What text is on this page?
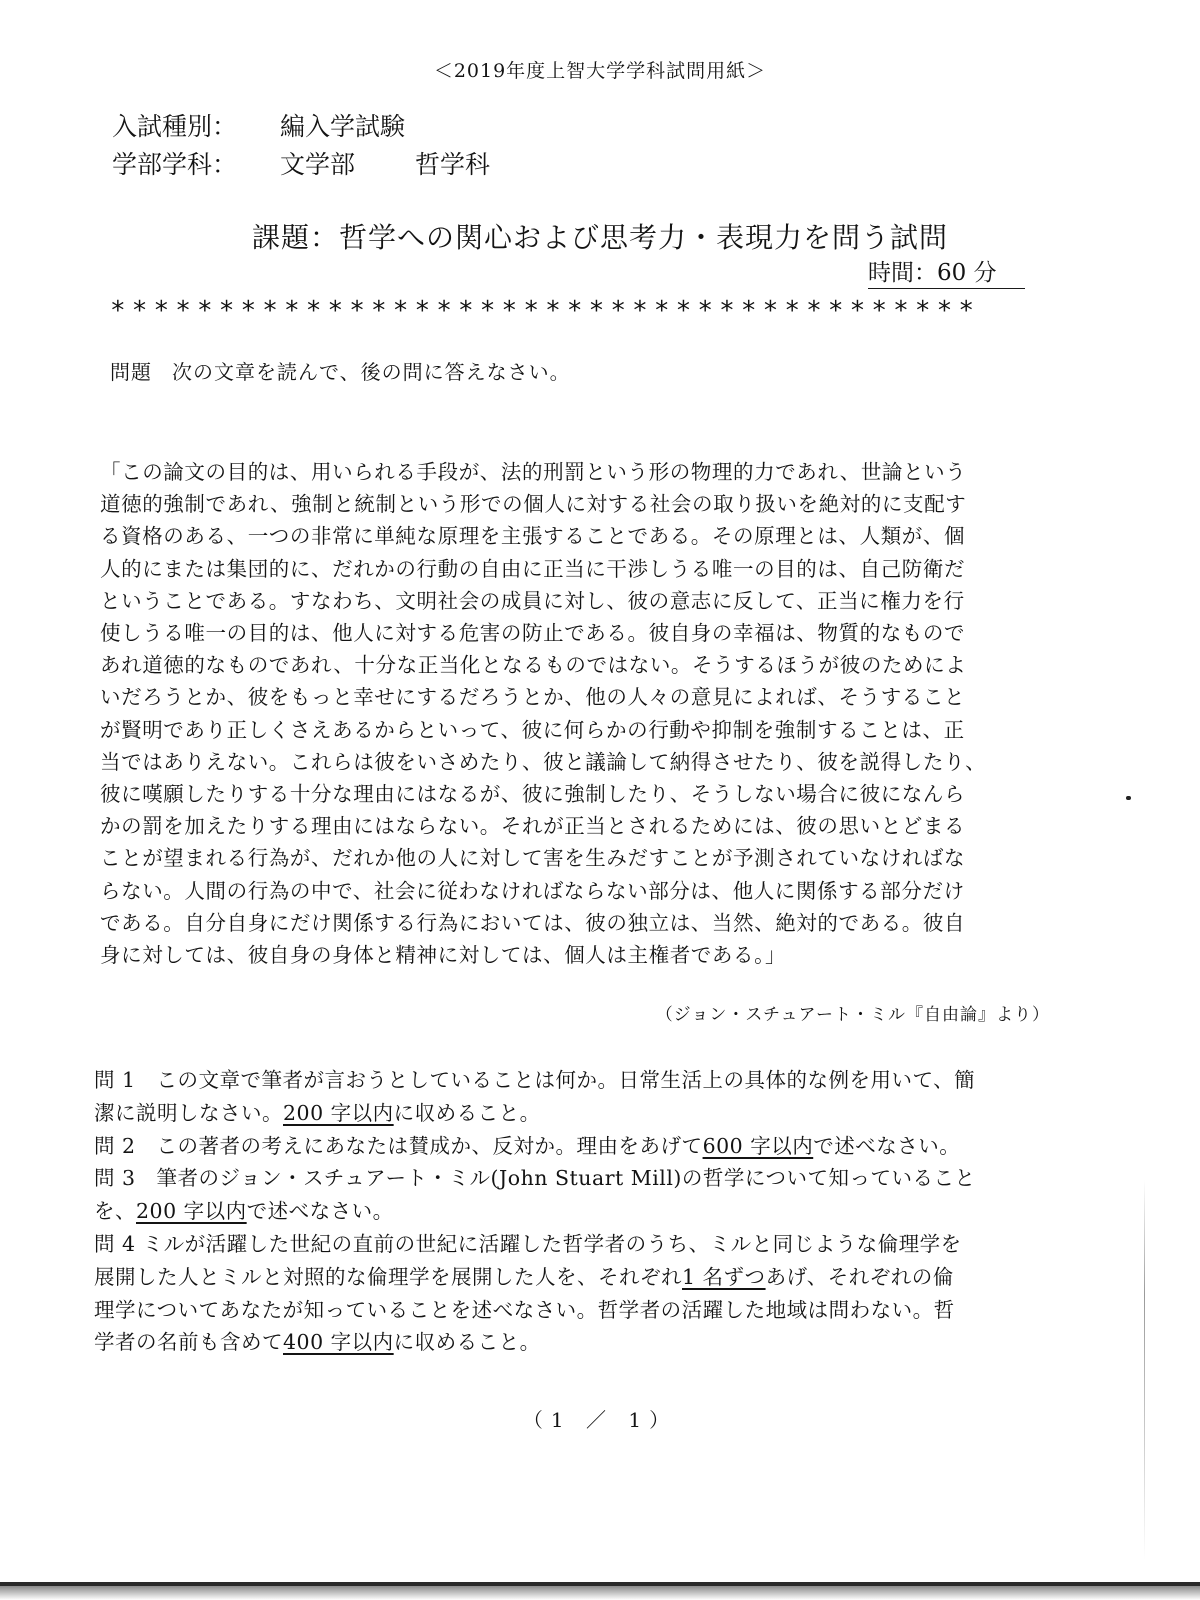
＜2019年度上智大学学科試問用紙＞
入試種別： 編入学試験
学部学科： 文学部 哲学科
課題：哲学への関心および思考力・表現力を問う試問
時間：60 分
****************************************
問題 次の文章を読んで、後の問に答えなさい。
「この論文の目的は、用いられる手段が、法的刑罰という形の物理的力であれ、世論という
道徳的強制であれ、強制と統制という形での個人に対する社会の取り扱いを絶対的に支配す
る資格のある、一つの非常に単純な原理を主張することである。その原理とは、人類が、個
人的にまたは集団的に、だれかの行動の自由に正当に干渉しうる唯一の目的は、自己防衛だ
ということである。すなわち、文明社会の成員に対し、彼の意志に反して、正当に権力を行
使しうる唯一の目的は、他人に対する危害の防止である。彼自身の幸福は、物質的なもので
あれ道徳的なものであれ、十分な正当化となるものではない。そうするほうが彼のためによ
いだろうとか、彼をもっと幸せにするだろうとか、他の人々の意見によれば、そうすること
が賢明であり正しくさえあるからといって、彼に何らかの行動や抑制を強制することは、正
当ではありえない。これらは彼をいさめたり、彼と議論して納得させたり、彼を説得したり、
彼に嘆願したりする十分な理由にはなるが、彼に強制したり、そうしない場合に彼になんら
かの罰を加えたりする理由にはならない。それが正当とされるためには、彼の思いとどまる
ことが望まれる行為が、だれか他の人に対して害を生みだすことが予測されていなければな
らない。人間の行為の中で、社会に従わなければならない部分は、他人に関係する部分だけ
である。自分自身にだけ関係する行為においては、彼の独立は、当然、絶対的である。彼自
身に対しては、彼自身の身体と精神に対しては、個人は主権者である。」
（ジョン・スチュアート・ミル『自由論』より）
問 1　この文章で筆者が言おうとしていることは何か。日常生活上の具体的な例を用いて、簡
潔に説明しなさい。200 字以内に収めること。
問 2　この著者の考えにあなたは賛成か、反対か。理由をあげて600 字以内で述べなさい。
問 3　筆者のジョン・スチュアート・ミル(John Stuart Mill)の哲学について知っていること
を、200 字以内で述べなさい。
問 4 ミルが活躍した世紀の直前の世紀に活躍した哲学者のうち、ミルと同じような倫理学を
展開した人とミルと対照的な倫理学を展開した人を、それぞれ1 名ずつあげ、それぞれの倫
理学についてあなたが知っていることを述べなさい。哲学者の活躍した地域は問わない。哲
学者の名前も含めて400 字以内に収めること。
（1 ／ 1）
